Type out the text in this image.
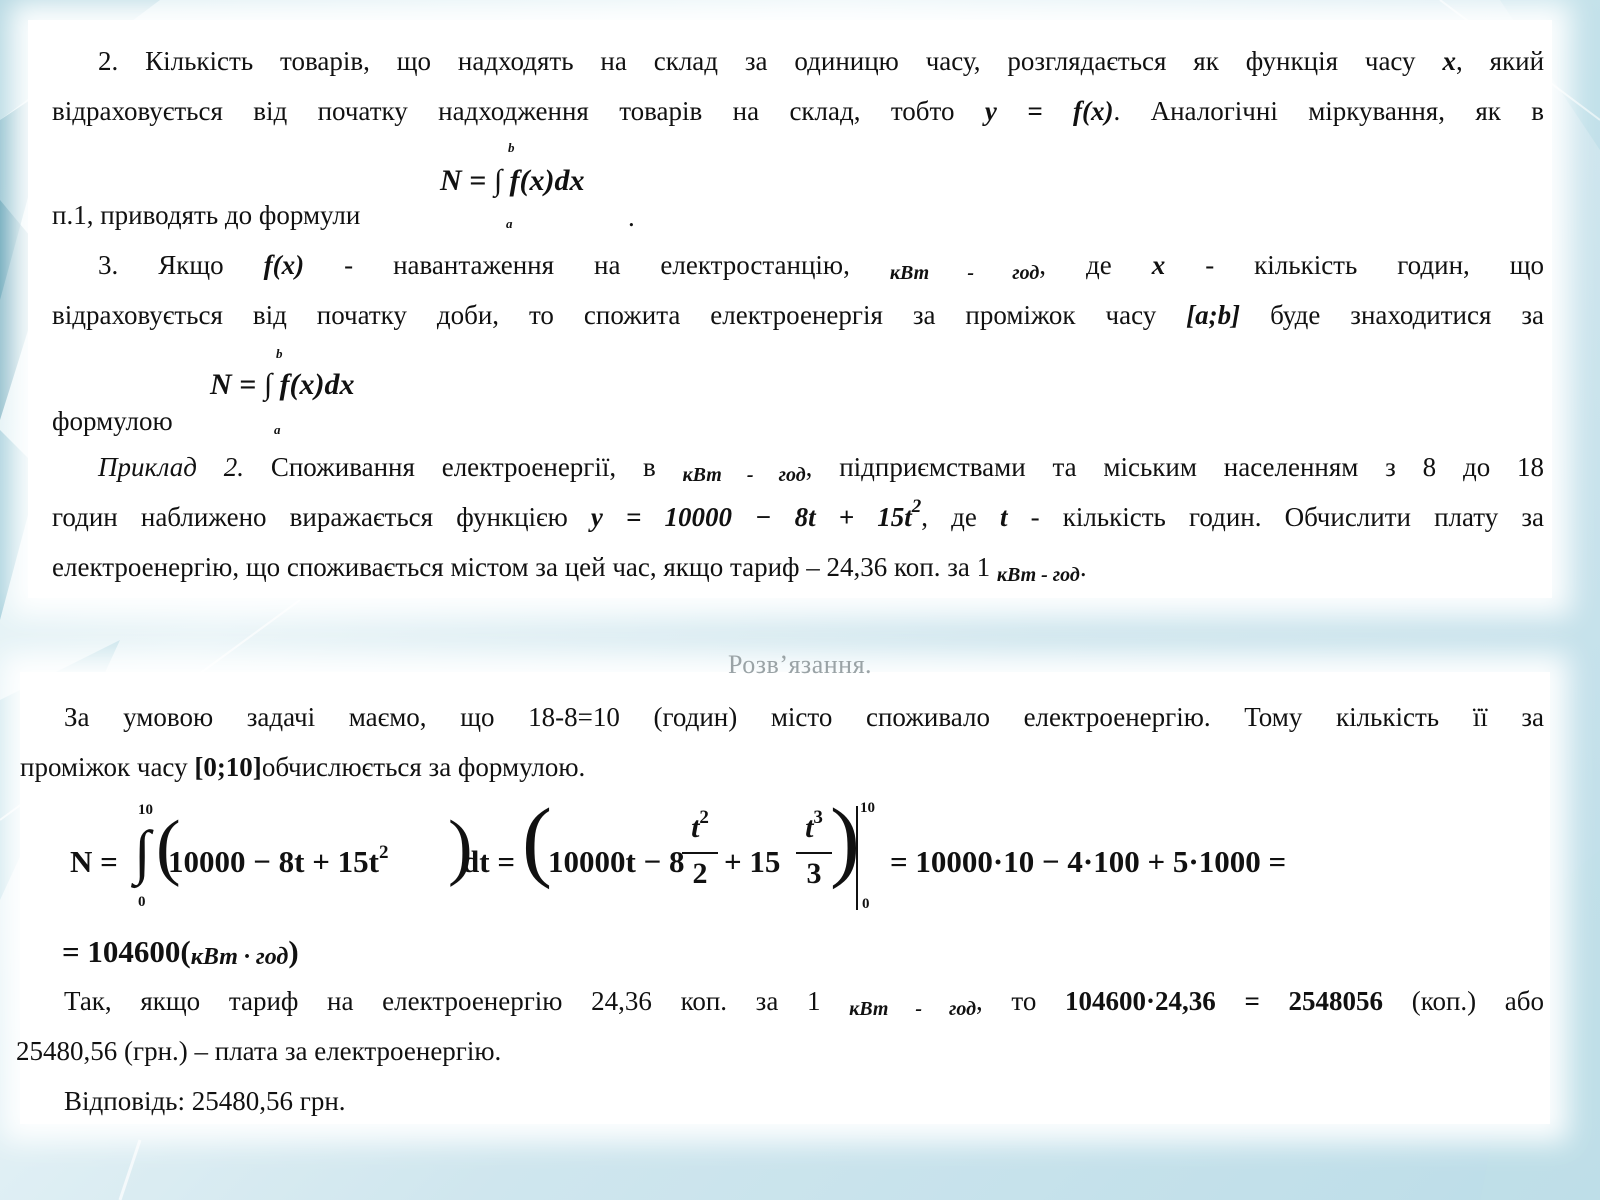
2. Кількість товарів, що надходять на склад за одиницю часу, розглядається як функція часу x, який
відраховується від початку надходження товарів на склад, тобто y = f(x). Аналогічні міркування, як в
п.1, приводять до формули
b
N = ∫ f(x)dx
a	.
3. Якщо f(x) - навантаження на електростанцію, кВт - год, де x - кількість годин, що
відраховується від початку доби, то спожита електроенергія за проміжок часу [a;b] буде знаходитися за
формулою
b
N = ∫ f(x)dx
a
Приклад 2. Споживання електроенергії, в кВт - год, підприємствами та міським населенням з 8 до 18
годин наближено виражається функцією $y = 10000 - 8t + 15t^2$, де t - кількість годин. Обчислити плату за
електроенергію, що споживається містом за цей час, якщо тариф – 24,36 коп. за 1 кВт - год.
Розв’язання.
За умовою задачі маємо, що 18-8=10 (годин) місто споживало електроенергію. Тому кількість її за
проміжок часу [0;10]обчислюється за формулою.
N =
10
∫
0
(
$10000 - 8t + 15t^2$ )
dt = (
10000t − 8
$\frac{t^2}{2} + 15 \frac{t^3}{3}$
) 10
0
= 10000·10 − 4·100 + 5·1000 =
= 104600(кВт · год)
Так, якщо тариф на електроенергію 24,36 коп. за 1 кВт - год, то 104600·24,36 = 2548056 (коп.) або
25480,56 (грн.) – плата за електроенергію.
Відповідь: 25480,56 грн.
